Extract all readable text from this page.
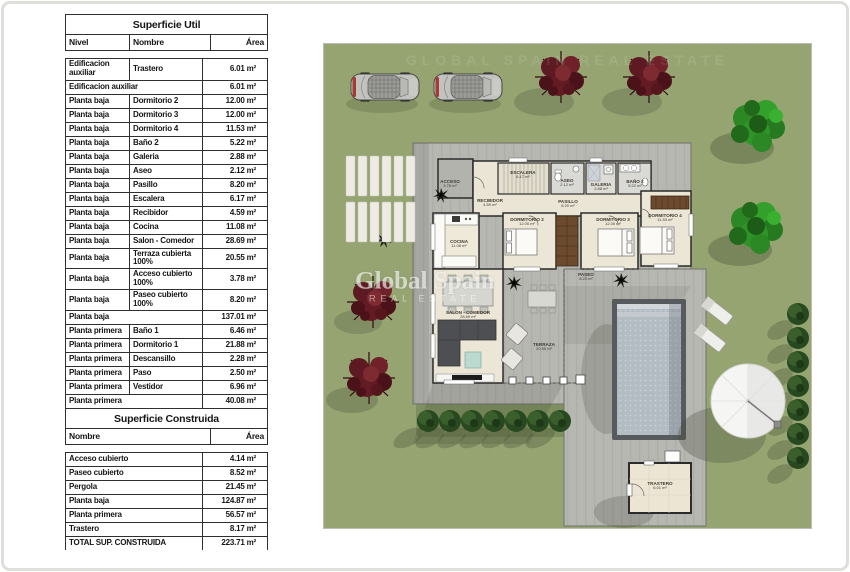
Superficie Util
Nivel	Nombre	Área
Edificacion auxiliar	Trastero	6.01 m²
Edificacion auxiliar	6.01 m²
Planta baja	Dormitorio 2	12.00 m²
Planta baja	Dormitorio 3	12.00 m²
Planta baja	Dormitorio 4	11.53 m²
Planta baja	Baño 2	5.22 m²
Planta baja	Galeria	2.88 m²
Planta baja	Aseo	2.12 m²
Planta baja	Pasillo	8.20 m²
Planta baja	Escalera	6.17 m²
Planta baja	Recibidor	4.59 m²
Planta baja	Cocina	11.08 m²
Planta baja	Salon - Comedor	28.69 m²
Planta baja	Terraza cubierta 100%	20.55 m²
Planta baja	Acceso cubierto 100%	3.78 m²
Planta baja	Paseo cubierto 100%	8.20 m²
Planta baja	137.01 m²
Planta primera	Baño 1	6.46 m²
Planta primera	Dormitorio 1	21.88 m²
Planta primera	Descansillo	2.28 m²
Planta primera	Paso	2.50 m²
Planta primera	Vestidor	6.96 m²
Planta primera	40.08 m²
Superficie Construida
Nombre	Área
Acceso cubierto	4.14 m²
Paseo cubierto	8.52 m²
Pergola	21.45 m²
Planta baja	124.87 m²
Planta primera	56.57 m²
Trastero	8.17 m²
TOTAL SUP. CONSTRUIDA	223.71 m²
GLOBAL SPAIN REAL ESTATE
ACCESO
3.78 m²
RECIBIDOR
4.59 m²
ESCALERA
6.17 m²
ASEO
2.12 m²	GALERIA
2.88 m²
BAÑO 2
5.22 m²
PASILLO
8.20 m²
DORMITORIO 2
12.00 m²
DORMITORIO 3
12.00 m²
DORMITORIO 4
11.53 m²
COCINA
11.08 m²
SALON - COMEDOR
28.69 m²
TERRAZA
20.55 m²
PASEO
8.20 m²
TRASTERO
6.01 m²
Global Spain
REAL ESTATE
